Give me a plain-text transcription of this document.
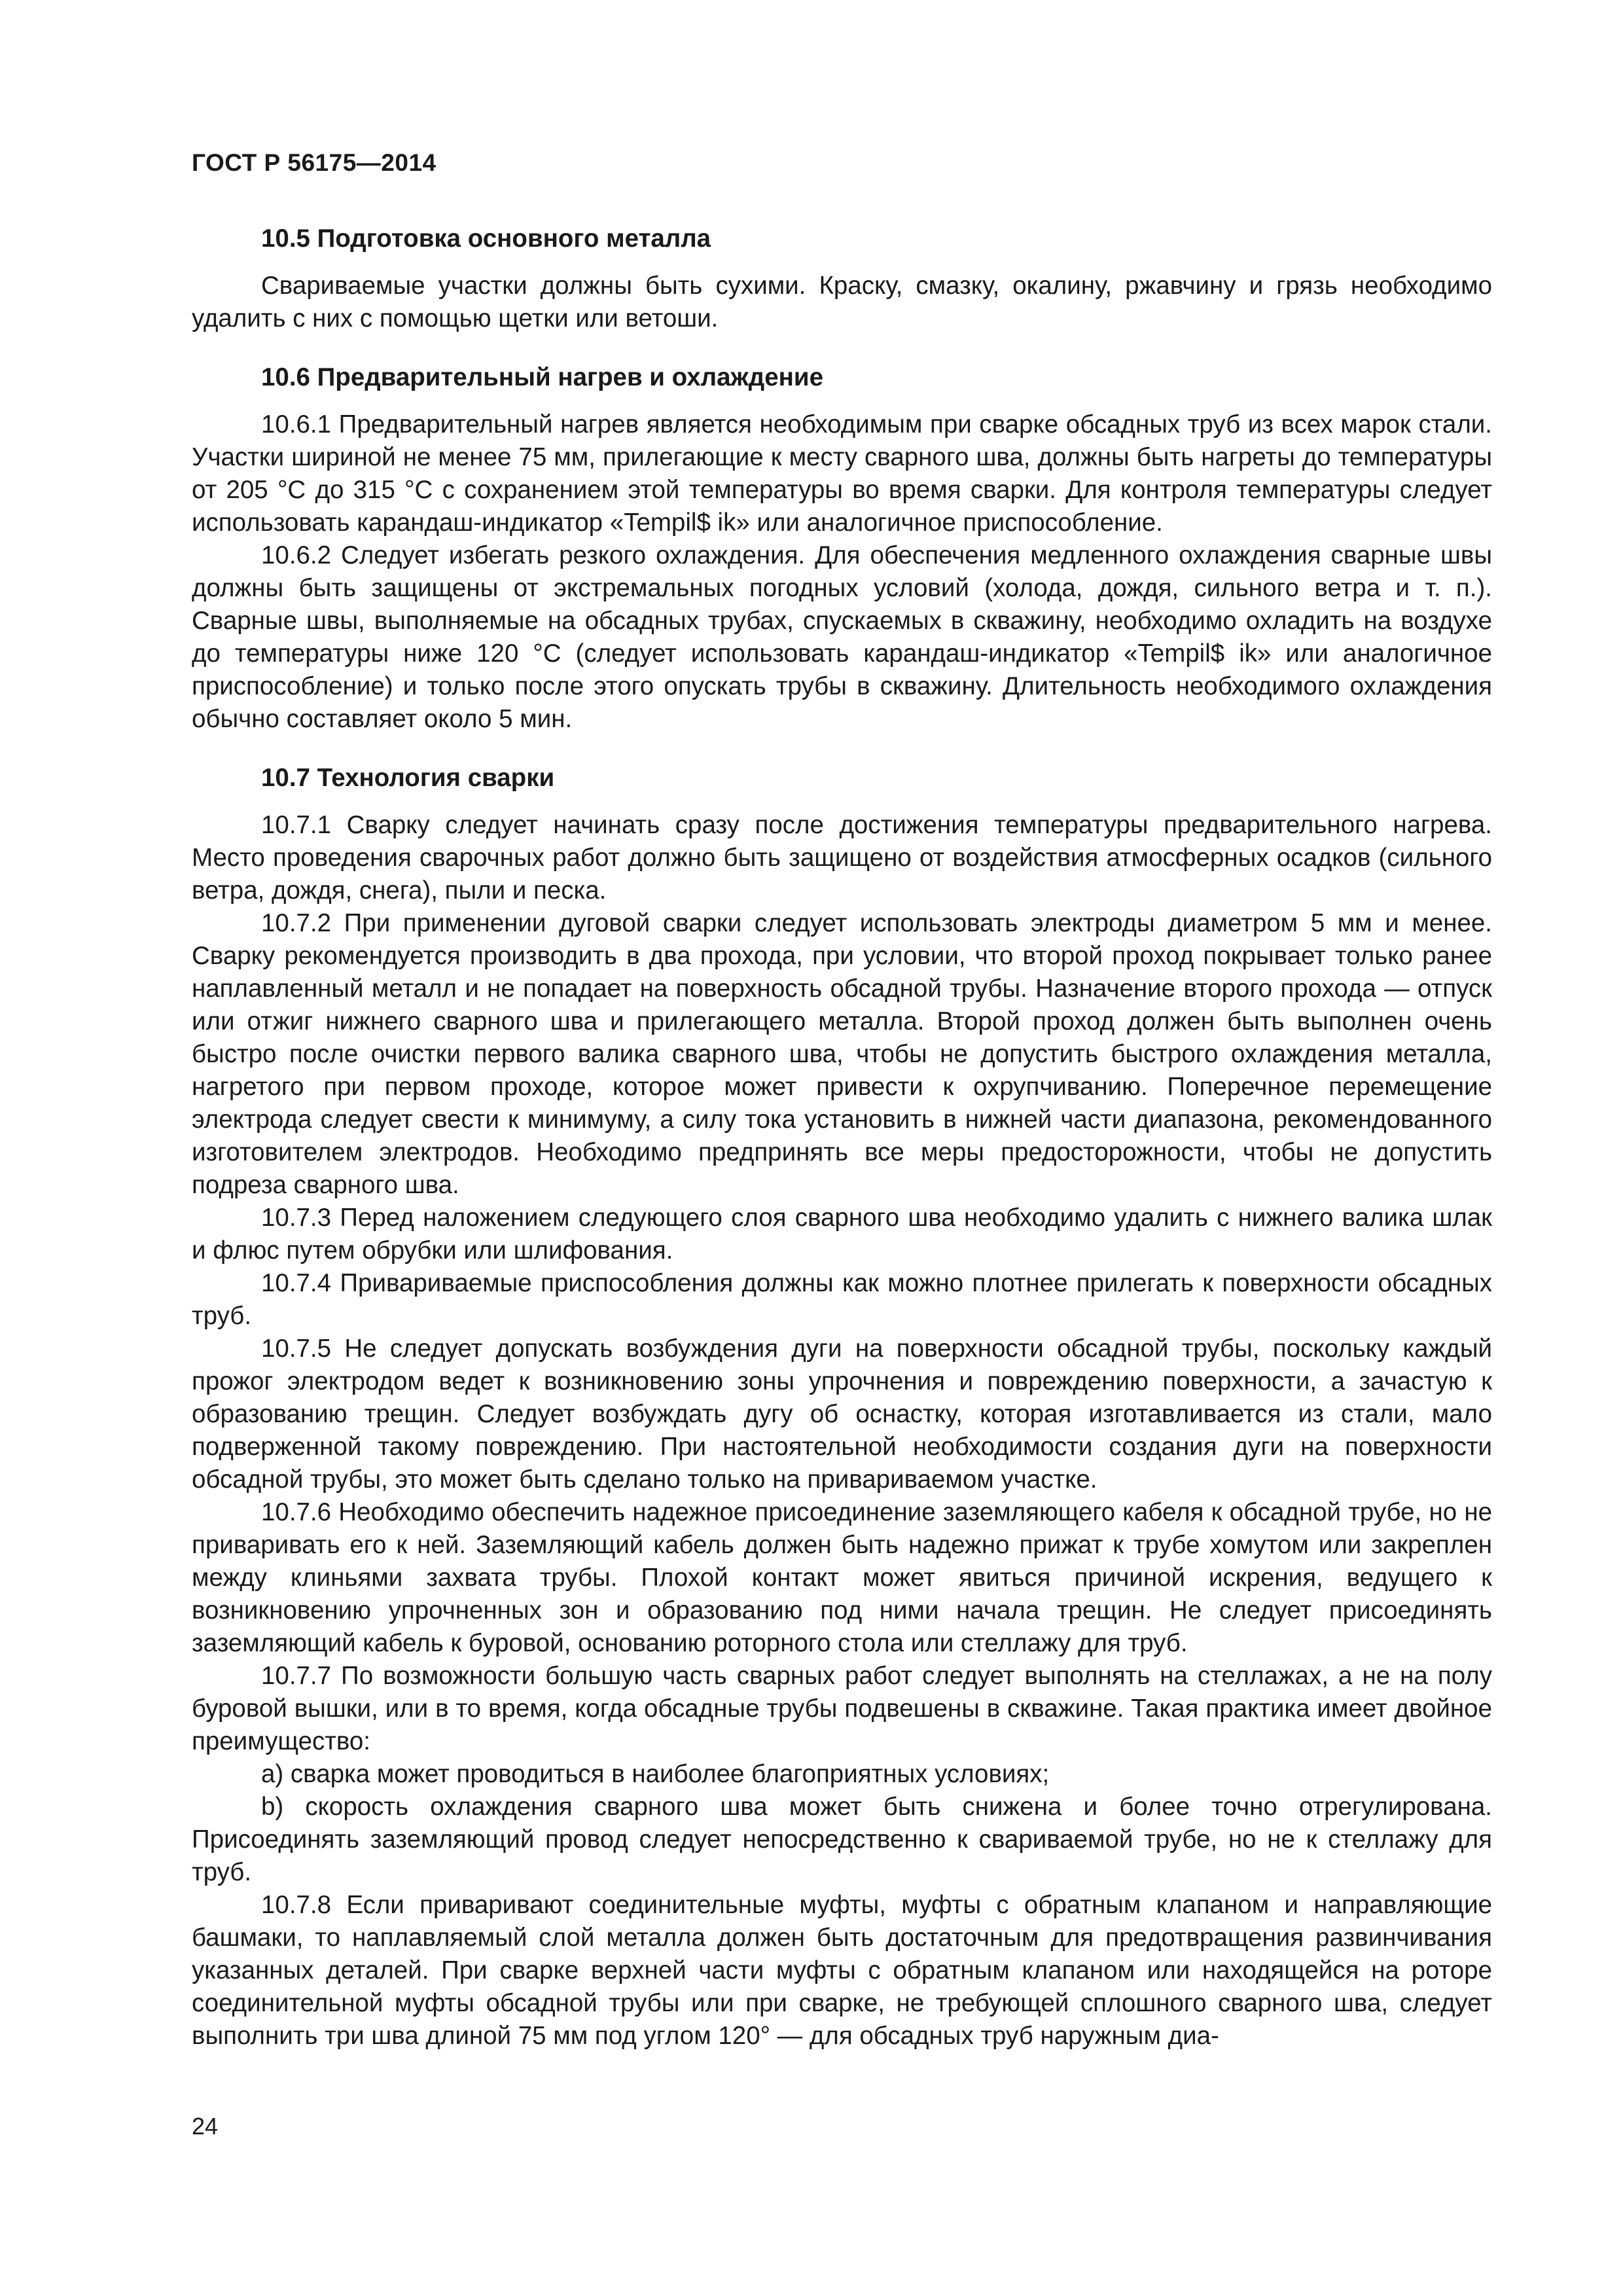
ГОСТ Р 56175—2014
10.5 Подготовка основного металла

Свариваемые участки должны быть сухими. Краску, смазку, окалину, ржавчину и грязь необходимо удалить с них с помощью щетки или ветоши.

10.6 Предварительный нагрев и охлаждение

10.6.1 Предварительный нагрев является необходимым при сварке обсадных труб из всех марок стали. Участки шириной не менее 75 мм, прилегающие к месту сварного шва, должны быть нагреты до температуры от 205 °С до 315 °С с сохранением этой температуры во время сварки. Для контроля температуры следует использовать карандаш-индикатор «Tempil$ ik» или аналогичное приспособление.

10.6.2 Следует избегать резкого охлаждения. Для обеспечения медленного охлаждения сварные швы должны быть защищены от экстремальных погодных условий (холода, дождя, сильного ветра и т. п.). Сварные швы, выполняемые на обсадных трубах, спускаемых в скважину, необходимо охладить на воздухе до температуры ниже 120 °С (следует использовать карандаш-индикатор «Tempil$ ik» или аналогичное приспособление) и только после этого опускать трубы в скважину. Длительность необходимого охлаждения обычно составляет около 5 мин.

10.7 Технология сварки

10.7.1 Сварку следует начинать сразу после достижения температуры предварительного нагрева. Место проведения сварочных работ должно быть защищено от воздействия атмосферных осадков (сильного ветра, дождя, снега), пыли и песка.

10.7.2 При применении дуговой сварки следует использовать электроды диаметром 5 мм и менее. Сварку рекомендуется производить в два прохода, при условии, что второй проход покрывает только ранее наплавленный металл и не попадает на поверхность обсадной трубы. Назначение второго прохода — отпуск или отжиг нижнего сварного шва и прилегающего металла. Второй проход должен быть выполнен очень быстро после очистки первого валика сварного шва, чтобы не допустить быстрого охлаждения металла, нагретого при первом проходе, которое может привести к охрупчиванию. Поперечное перемещение электрода следует свести к минимуму, а силу тока установить в нижней части диапазона, рекомендованного изготовителем электродов. Необходимо предпринять все меры предосторожности, чтобы не допустить подреза сварного шва.

10.7.3 Перед наложением следующего слоя сварного шва необходимо удалить с нижнего валика шлак и флюс путем обрубки или шлифования.

10.7.4 Привариваемые приспособления должны как можно плотнее прилегать к поверхности обсадных труб.

10.7.5 Не следует допускать возбуждения дуги на поверхности обсадной трубы, поскольку каждый прожог электродом ведет к возникновению зоны упрочнения и повреждению поверхности, а зачастую к образованию трещин. Следует возбуждать дугу об оснастку, которая изготавливается из стали, мало подверженной такому повреждению. При настоятельной необходимости создания дуги на поверхности обсадной трубы, это может быть сделано только на привариваемом участке.

10.7.6 Необходимо обеспечить надежное присоединение заземляющего кабеля к обсадной трубе, но не приваривать его к ней. Заземляющий кабель должен быть надежно прижат к трубе хомутом или закреплен между клиньями захвата трубы. Плохой контакт может явиться причиной искрения, ведущего к возникновению упрочненных зон и образованию под ними начала трещин. Не следует присоединять заземляющий кабель к буровой, основанию роторного стола или стеллажу для труб.

10.7.7 По возможности большую часть сварных работ следует выполнять на стеллажах, а не на полу буровой вышки, или в то время, когда обсадные трубы подвешены в скважине. Такая практика имеет двойное преимущество:

a) сварка может проводиться в наиболее благоприятных условиях;

b) скорость охлаждения сварного шва может быть снижена и более точно отрегулирована. Присоединять заземляющий провод следует непосредственно к свариваемой трубе, но не к стеллажу для труб.

10.7.8 Если приваривают соединительные муфты, муфты с обратным клапаном и направляющие башмаки, то наплавляемый слой металла должен быть достаточным для предотвращения развинчивания указанных деталей. При сварке верхней части муфты с обратным клапаном или находящейся на роторе соединительной муфты обсадной трубы или при сварке, не требующей сплошного сварного шва, следует выполнить три шва длиной 75 мм под углом 120° — для обсадных труб наружным диа-

24
